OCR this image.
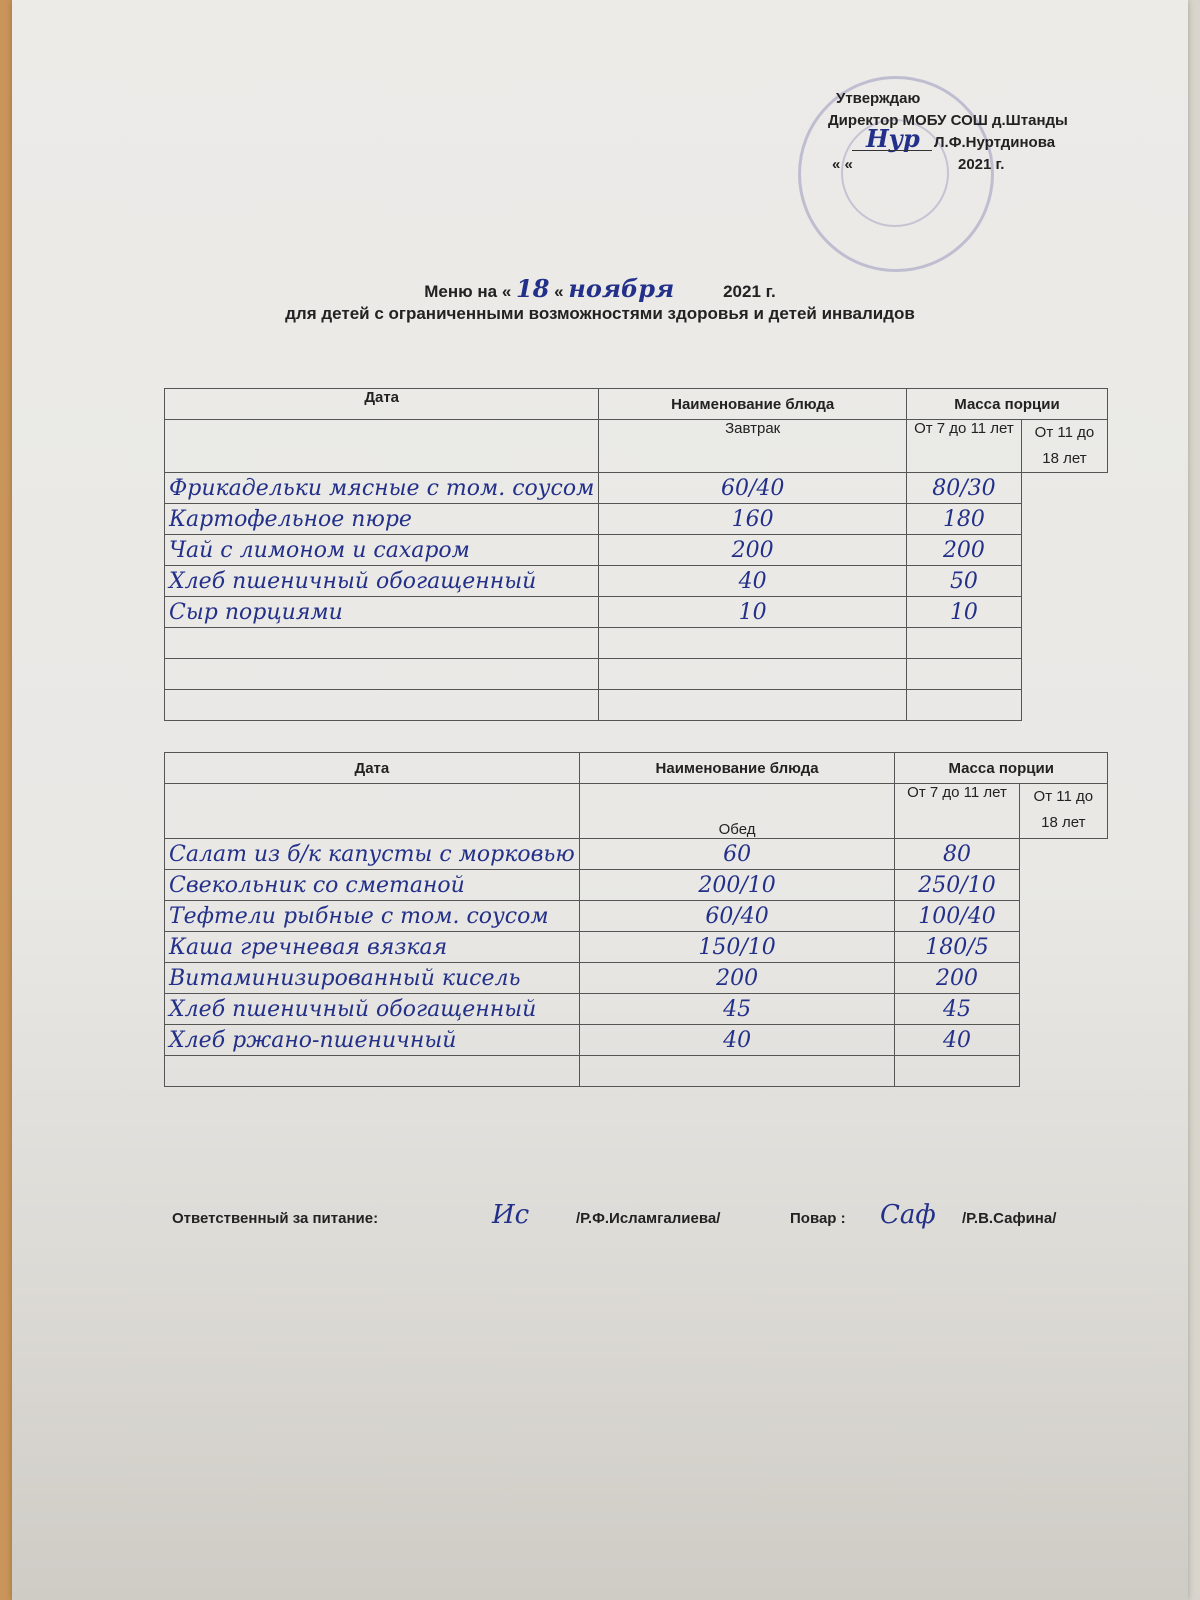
Утверждаю
Директор МОБУ СОШ д.Штанды
Нур Л.Ф.Нуртдинова
« «	2021 г.
Меню на « 18 « ноября	2021 г.
для детей с ограниченными возможностями здоровья и детей инвалидов
Дата	Наименование блюда	Масса порции	
	Завтрак	От 7 до 11 лет	От 11 до 18 лет
Фрикадельки мясные с том. соусом	60/40	80/30	
Картофельное пюре	160	180	
Чай с лимоном и сахаром	200	200	
Хлеб пшеничный обогащенный	40	50	
Сыр порциями	10	10	

Дата	Наименование блюда	Масса порции	
	Обед	От 7 до 11 лет	От 11 до 18 лет
Салат из б/к капусты с морковью	60	80	
Свекольник со сметаной	200/10	250/10	
Тефтели рыбные с том. соусом	60/40	100/40	
Каша гречневая вязкая	150/10	180/5	
Витаминизированный кисель	200	200	
Хлеб пшеничный обогащенный	45	45	
Хлеб ржано-пшеничный	40	40	

Ответственный за питание:	Ис	/Р.Ф.Исламгалиева/	Повар : Саф /Р.В.Сафина/
